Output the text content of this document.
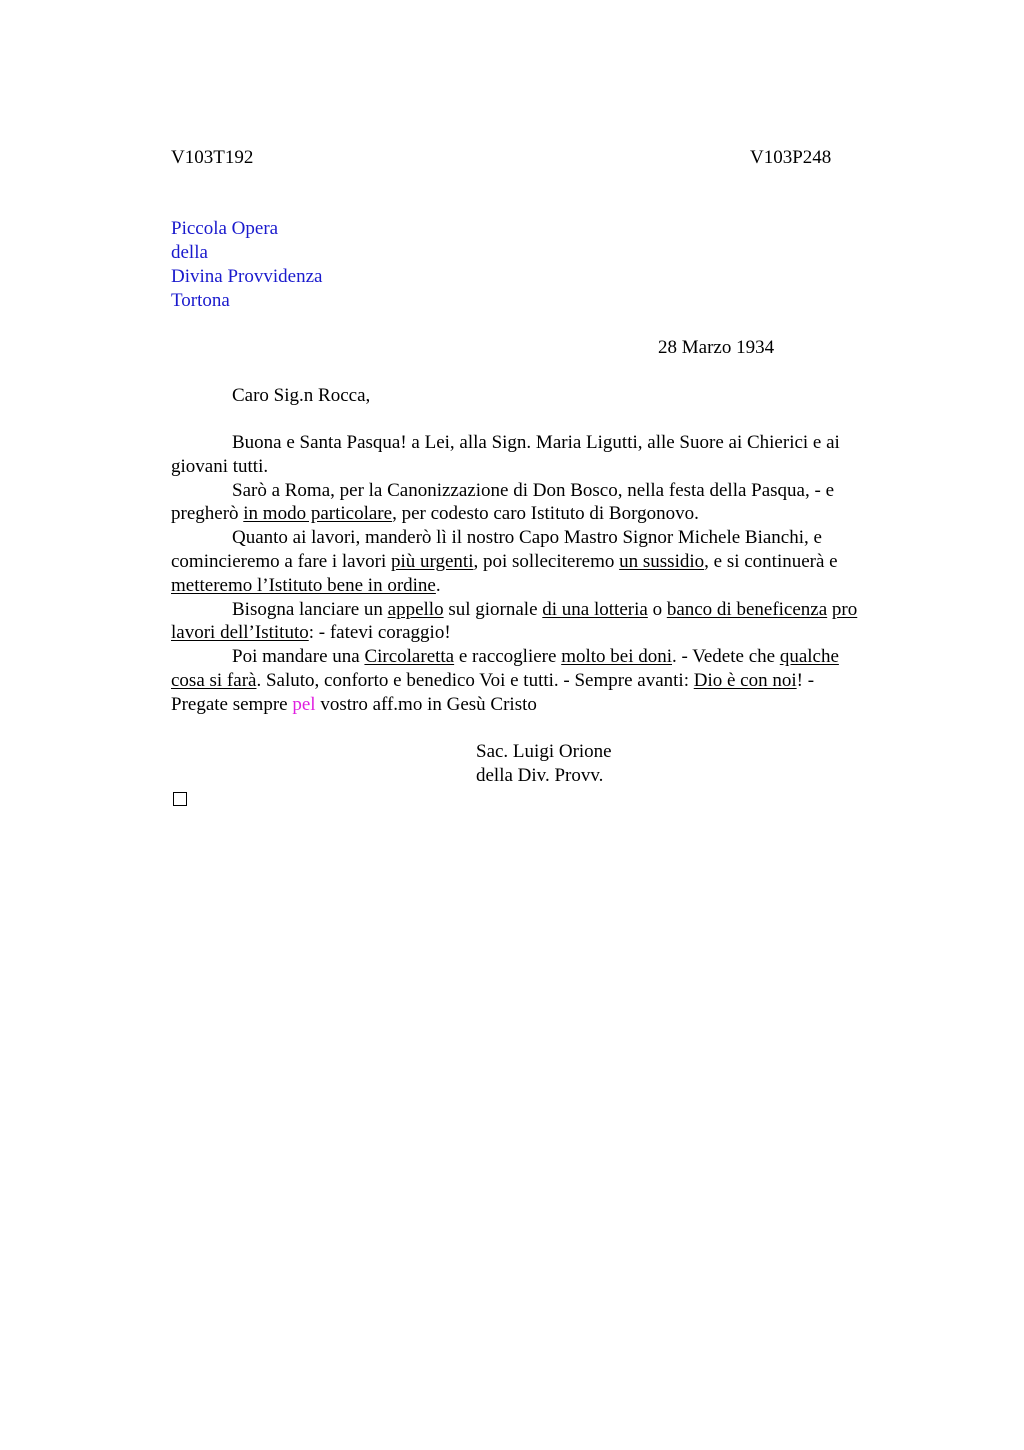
V103T192	V103P248
Piccola Opera
della
Divina Provvidenza
Tortona
28 Marzo 1934
Caro Sig.n Rocca,
Buona e Santa Pasqua! a Lei, alla Sign. Maria Ligutti, alle Suore ai Chierici e ai
giovani tutti.
Sarò a Roma, per la Canonizzazione di Don Bosco, nella festa della Pasqua, - e
pregherò in modo particolare, per codesto caro Istituto di Borgonovo.
Quanto ai lavori, manderò lì il nostro Capo Mastro Signor Michele Bianchi, e
comincieremo a fare i lavori più urgenti, poi solleciteremo un sussidio, e si continuerà e
metteremo l’Istituto bene in ordine.
Bisogna lanciare un appello sul giornale di una lotteria o banco di beneficenza pro
lavori dell’Istituto: - fatevi coraggio!
Poi mandare una Circolaretta e raccogliere molto bei doni. - Vedete che qualche
cosa si farà. Saluto, conforto e benedico Voi e tutti. - Sempre avanti: Dio è con noi! -
Pregate sempre pel vostro aff.mo in Gesù Cristo
Sac. Luigi Orione
della Div. Provv.
